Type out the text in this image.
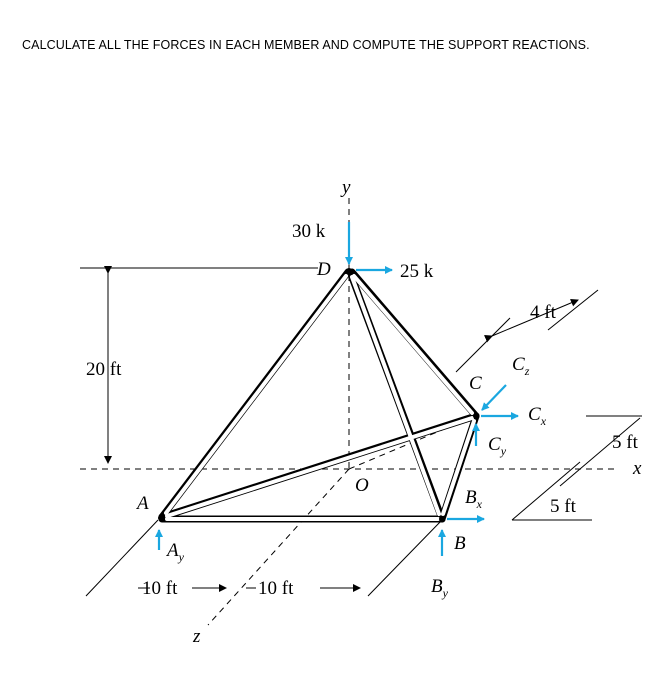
CALCULATE ALL THE FORCES IN EACH MEMBER AND COMPUTE THE SUPPORT REACTIONS.
y
x
z
O
A
B
C
D
30 k
25 k
20 ft
10 ft	10 ft
4 ft
5 ft
5 ft
$A_y$
$B_y$
$B_x$
$C_x$
$C_y$
$C_z$
